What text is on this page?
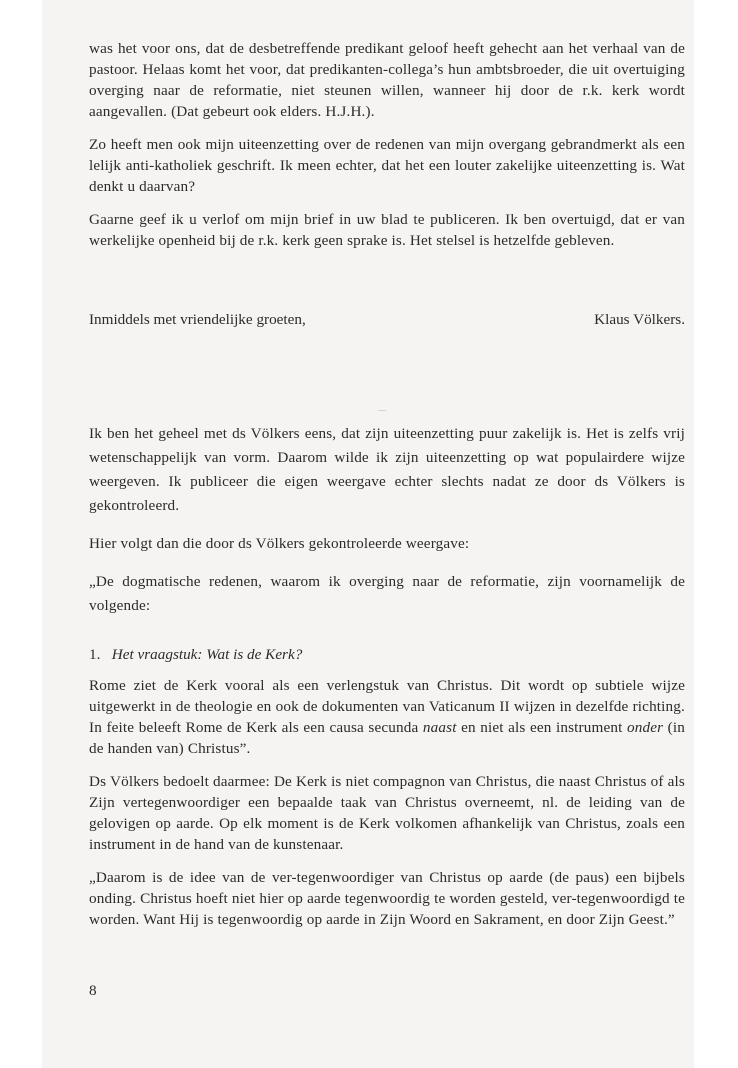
was het voor ons, dat de desbetreffende predikant geloof heeft gehecht aan het verhaal van de pastoor. Helaas komt het voor, dat predikanten-collega’s hun ambtsbroeder, die uit overtuiging overging naar de reformatie, niet steunen willen, wanneer hij door de r.k. kerk wordt aangevallen. (Dat gebeurt ook elders. H.J.H.).

Zo heeft men ook mijn uiteenzetting over de redenen van mijn overgang gebrandmerkt als een lelijk anti-katholiek geschrift. Ik meen echter, dat het een louter zakelijke uiteenzetting is. Wat denkt u daarvan?

Gaarne geef ik u verlof om mijn brief in uw blad te publiceren. Ik ben overtuigd, dat er van werkelijke openheid bij de r.k. kerk geen sprake is. Het stelsel is hetzelfde gebleven.

Inmiddels met vriendelijke groeten,	Klaus Völkers.

Ik ben het geheel met ds Völkers eens, dat zijn uiteenzetting puur zakelijk is. Het is zelfs vrij wetenschappelijk van vorm. Daarom wilde ik zijn uiteenzetting op wat populairdere wijze weergeven. Ik publiceer die eigen weergave echter slechts nadat ze door ds Völkers is gekontroleerd.

Hier volgt dan die door ds Völkers gekontroleerde weergave:

„De dogmatische redenen, waarom ik overging naar de reformatie, zijn voornamelijk de volgende:

1. Het vraagstuk: Wat is de Kerk?

Rome ziet de Kerk vooral als een verlengstuk van Christus. Dit wordt op subtiele wijze uitgewerkt in de theologie en ook de dokumenten van Vaticanum II wijzen in dezelfde richting. In feite beleeft Rome de Kerk als een causa secunda naast en niet als een instrument onder (in de handen van) Christus”.

Ds Völkers bedoelt daarmee: De Kerk is niet compagnon van Christus, die naast Christus of als Zijn vertegenwoordiger een bepaalde taak van Christus overneemt, nl. de leiding van de gelovigen op aarde. Op elk moment is de Kerk volkomen afhankelijk van Christus, zoals een instrument in de hand van de kunstenaar.

„Daarom is de idee van de ver-tegenwoordiger van Christus op aarde (de paus) een bijbels onding. Christus hoeft niet hier op aarde tegenwoordig te worden gesteld, ver-tegenwoordigd te worden. Want Hij is tegenwoordig op aarde in Zijn Woord en Sakrament, en door Zijn Geest.”

8
